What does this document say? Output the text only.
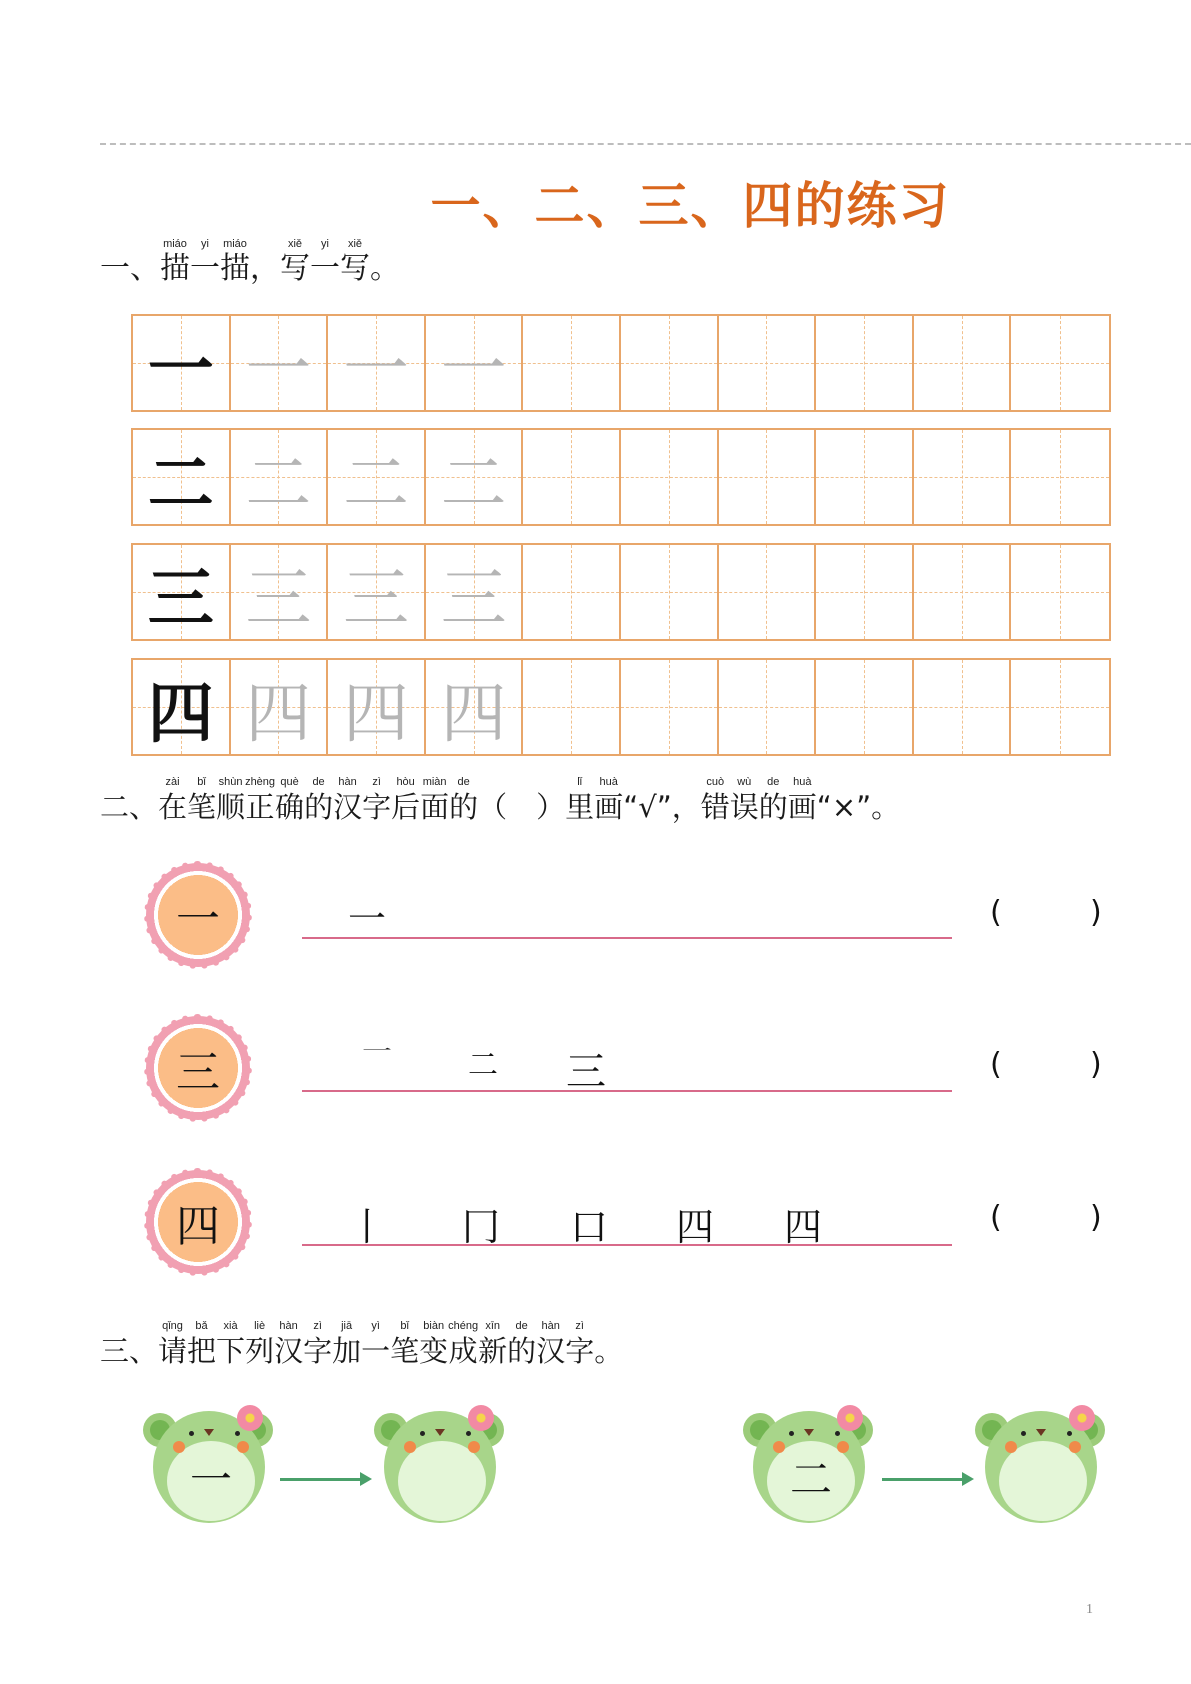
一、二、三、四的练习
一、
miáo
描
yi
一
miáo
描
，
xiě
写
yi
一
xiě
写
。
一 一 一 一
二 二 二 二
三 三 三 三
四 四 四 四
二、
zài
在
bǐ
笔
shùn
顺
zhèng
正
què
确
de
的
hàn
汉
zì
字
hòu
后
miàn
面
de
的
（　）
lǐ
里
huà
画
“√”，
cuò
错
wù
误
de
的
huà
画
“×”。
一	一	(	)
三	一	二 三	(	)
四	丨 冂 口 四 四	(	)
三、
qǐng
请
bǎ
把
xià
下
liè
列
hàn
汉
zì
字
jiā
加
yì
一
bǐ
笔
biàn
变
chéng
成
xīn
新
de
的
hàn
汉
zì
字
。
一	二
1
